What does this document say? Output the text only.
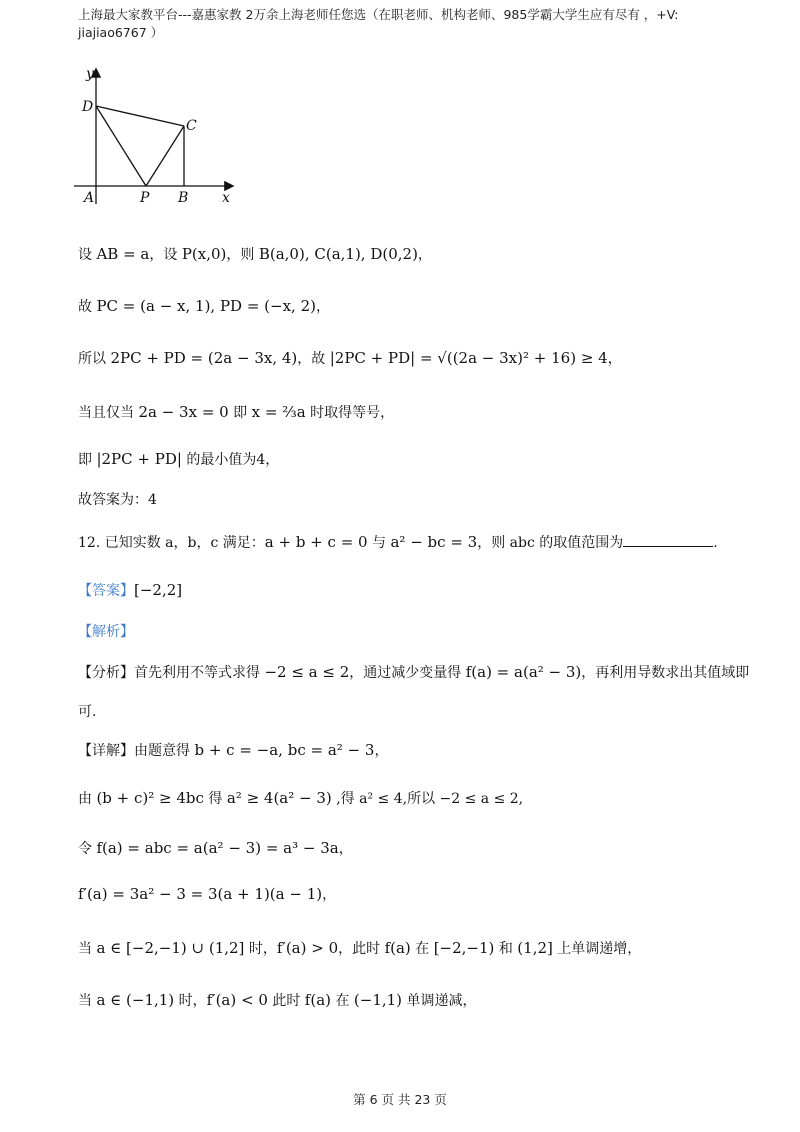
上海最大家教平台---嘉惠家教 2万余上海老师任您选（在职老师、机构老师、985学霸大学生应有尽有 ，+V:
jiajiao6767 ）
y
x
D
C
A	P B
设 AB = a，设 P(x,0)，则 B(a,0), C(a,1), D(0,2)，
故 PC = (a − x, 1), PD = (−x, 2)，
所以 2PC + PD = (2a − 3x, 4)，故 |2PC + PD| = √((2a − 3x)² + 16) ≥ 4，
当且仅当 2a − 3x = 0 即 x = ⅔a 时取得等号，
即 |2PC + PD| 的最小值为4，
故答案为：4
12. 已知实数 a，b，c 满足：a + b + c = 0 与 a² − bc = 3，则 abc 的取值范围为	.
【答案】[−2,2]
【解析】
【分析】首先利用不等式求得 −2 ≤ a ≤ 2，通过减少变量得 f(a) = a(a² − 3)，再利用导数求出其值域即
可.
【详解】由题意得 b + c = −a, bc = a² − 3，
由 (b + c)² ≥ 4bc 得 a² ≥ 4(a² − 3) ,得 a² ≤ 4,所以 −2 ≤ a ≤ 2,
令 f(a) = abc = a(a² − 3) = a³ − 3a，
f′(a) = 3a² − 3 = 3(a + 1)(a − 1)，
当 a ∈ [−2,−1) ∪ (1,2] 时，f′(a) > 0，此时 f(a) 在 [−2,−1) 和 (1,2] 上单调递增，
当 a ∈ (−1,1) 时，f′(a) < 0 此时 f(a) 在 (−1,1) 单调递减，
第 6 页 共 23 页
